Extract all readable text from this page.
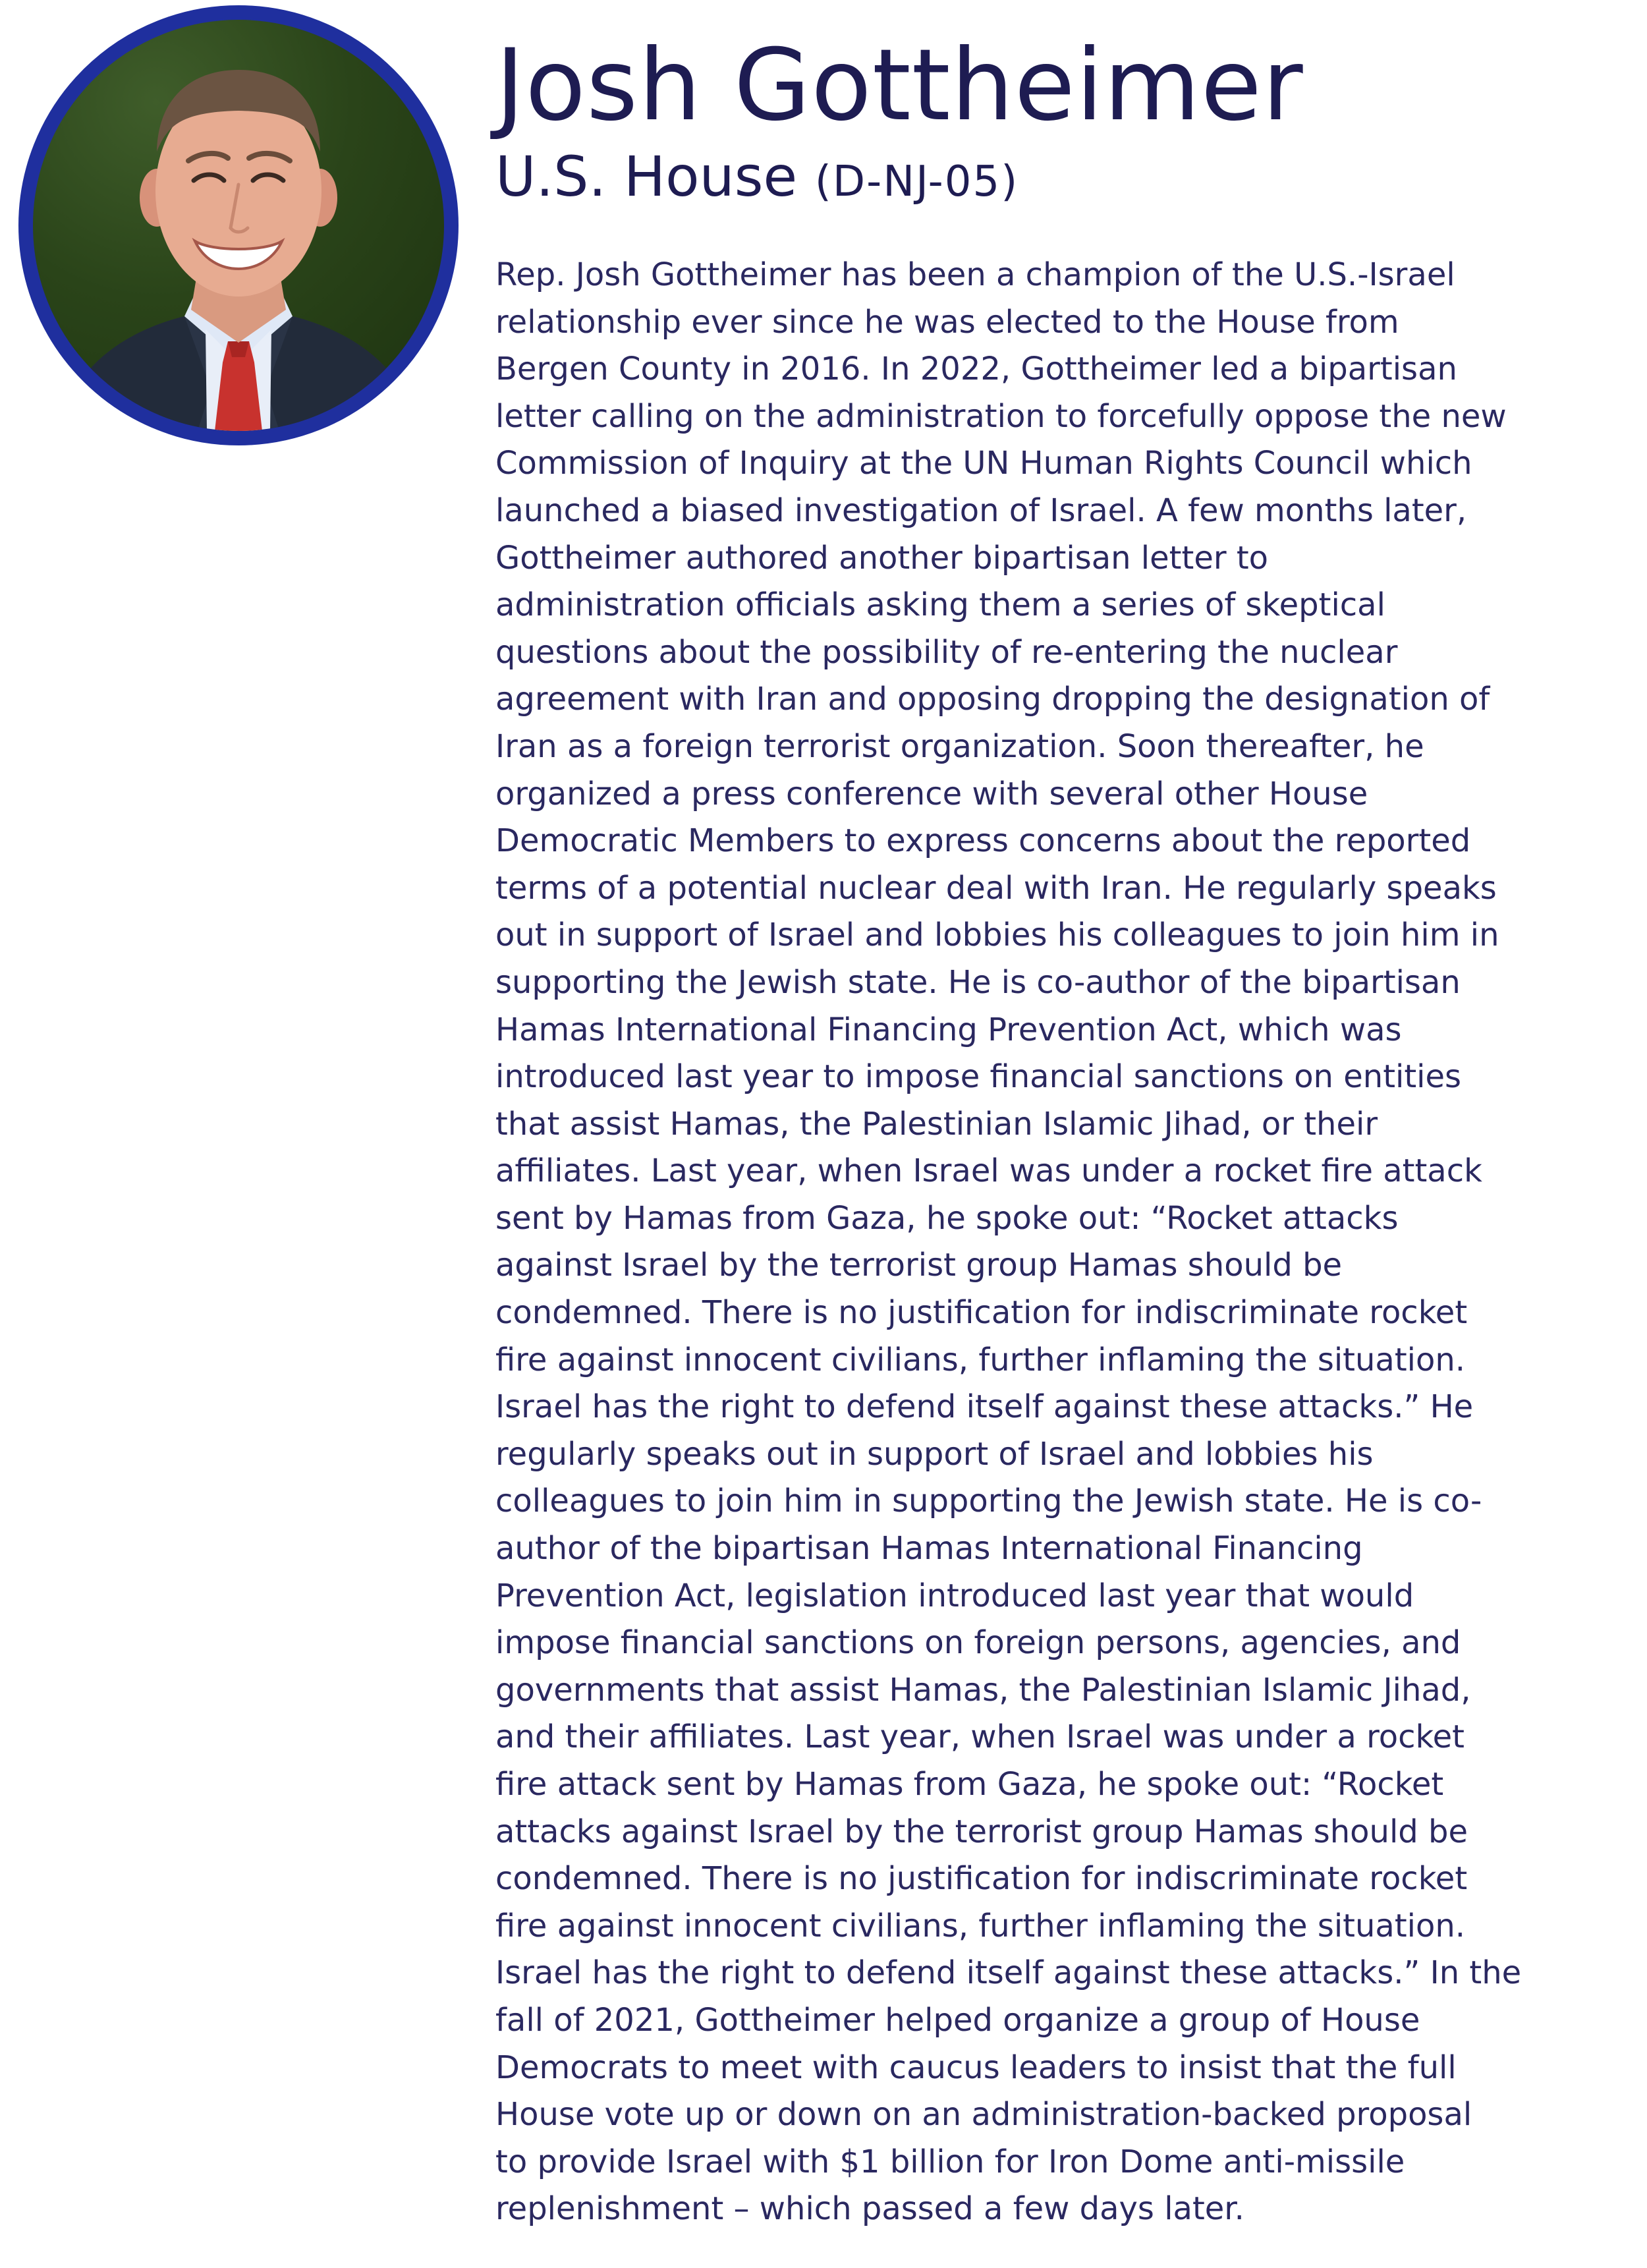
Josh Gottheimer
U.S. House (D-NJ-05)
Rep. Josh Gottheimer has been a champion of the U.S.-Israel
relationship ever since he was elected to the House from
Bergen County in 2016. In 2022, Gottheimer led a bipartisan
letter calling on the administration to forcefully oppose the new
Commission of Inquiry at the UN Human Rights Council which
launched a biased investigation of Israel. A few months later,
Gottheimer authored another bipartisan letter to
administration officials asking them a series of skeptical
questions about the possibility of re-entering the nuclear
agreement with Iran and opposing dropping the designation of
Iran as a foreign terrorist organization. Soon thereafter, he
organized a press conference with several other House
Democratic Members to express concerns about the reported
terms of a potential nuclear deal with Iran. He regularly speaks
out in support of Israel and lobbies his colleagues to join him in
supporting the Jewish state. He is co-author of the bipartisan
Hamas International Financing Prevention Act, which was
introduced last year to impose financial sanctions on entities
that assist Hamas, the Palestinian Islamic Jihad, or their
affiliates. Last year, when Israel was under a rocket fire attack
sent by Hamas from Gaza, he spoke out: “Rocket attacks
against Israel by the terrorist group Hamas should be
condemned. There is no justification for indiscriminate rocket
fire against innocent civilians, further inflaming the situation.
Israel has the right to defend itself against these attacks.” He
regularly speaks out in support of Israel and lobbies his
colleagues to join him in supporting the Jewish state. He is co-
author of the bipartisan Hamas International Financing
Prevention Act, legislation introduced last year that would
impose financial sanctions on foreign persons, agencies, and
governments that assist Hamas, the Palestinian Islamic Jihad,
and their affiliates. Last year, when Israel was under a rocket
fire attack sent by Hamas from Gaza, he spoke out: “Rocket
attacks against Israel by the terrorist group Hamas should be
condemned. There is no justification for indiscriminate rocket
fire against innocent civilians, further inflaming the situation.
Israel has the right to defend itself against these attacks.” In the
fall of 2021, Gottheimer helped organize a group of House
Democrats to meet with caucus leaders to insist that the full
House vote up or down on an administration-backed proposal
to provide Israel with $1 billion for Iron Dome anti-missile
replenishment – which passed a few days later.
